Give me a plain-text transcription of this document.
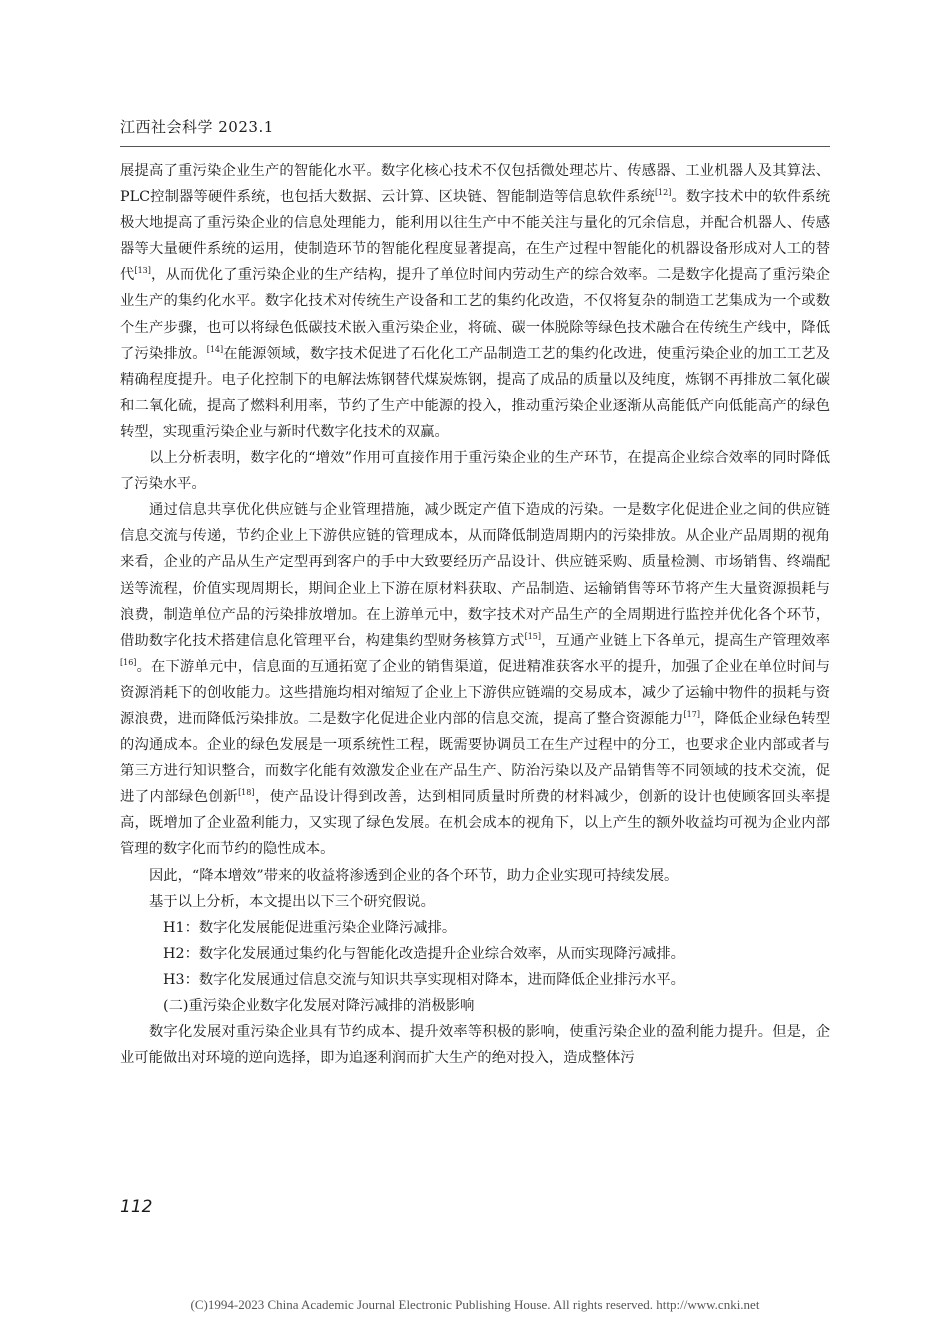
江西社会科学 2023.1

展提高了重污染企业生产的智能化水平。数字化核心技术不仅包括微处理芯片、传感器、工业机器人及其算法、PLC控制器等硬件系统，也包括大数据、云计算、区块链、智能制造等信息软件系统[12]。数字技术中的软件系统极大地提高了重污染企业的信息处理能力，能利用以往生产中不能关注与量化的冗余信息，并配合机器人、传感器等大量硬件系统的运用，使制造环节的智能化程度显著提高，在生产过程中智能化的机器设备形成对人工的替代[13]，从而优化了重污染企业的生产结构，提升了单位时间内劳动生产的综合效率。二是数字化提高了重污染企业生产的集约化水平。数字化技术对传统生产设备和工艺的集约化改造，不仅将复杂的制造工艺集成为一个或数个生产步骤，也可以将绿色低碳技术嵌入重污染企业，将硫、碳一体脱除等绿色技术融合在传统生产线中，降低了污染排放。[14]在能源领域，数字技术促进了石化化工产品制造工艺的集约化改进，使重污染企业的加工工艺及精确程度提升。电子化控制下的电解法炼钢替代煤炭炼钢，提高了成品的质量以及纯度，炼钢不再排放二氧化碳和二氧化硫，提高了燃料利用率，节约了生产中能源的投入，推动重污染企业逐渐从高能低产向低能高产的绿色转型，实现重污染企业与新时代数字化技术的双赢。

以上分析表明，数字化的“增效”作用可直接作用于重污染企业的生产环节，在提高企业综合效率的同时降低了污染水平。

通过信息共享优化供应链与企业管理措施，减少既定产值下造成的污染。一是数字化促进企业之间的供应链信息交流与传递，节约企业上下游供应链的管理成本，从而降低制造周期内的污染排放。从企业产品周期的视角来看，企业的产品从生产定型再到客户的手中大致要经历产品设计、供应链采购、质量检测、市场销售、终端配送等流程，价值实现周期长，期间企业上下游在原材料获取、产品制造、运输销售等环节将产生大量资源损耗与浪费，制造单位产品的污染排放增加。在上游单元中，数字技术对产品生产的全周期进行监控并优化各个环节，借助数字化技术搭建信息化管理平台，构建集约型财务核算方式[15]，互通产业链上下各单元，提高生产管理效率[16]。在下游单元中，信息面的互通拓宽了企业的销售渠道，促进精准获客水平的提升，加强了企业在单位时间与资源消耗下的创收能力。这些措施均相对缩短了企业上下游供应链端的交易成本，减少了运输中物件的损耗与资源浪费，进而降低污染排放。二是数字化促进企业内部的信息交流，提高了整合资源能力[17]，降低企业绿色转型的沟通成本。企业的绿色发展是一项系统性工程，既需要协调员工在生产过程中的分工，也要求企业内部或者与第三方进行知识整合，而数字化能有效激发企业在产品生产、防治污染以及产品销售等不同领域的技术交流，促进了内部绿色创新[18]，使产品设计得到改善，达到相同质量时所费的材料减少，创新的设计也使顾客回头率提高，既增加了企业盈利能力，又实现了绿色发展。在机会成本的视角下，以上产生的额外收益均可视为企业内部管理的数字化而节约的隐性成本。

因此，“降本增效”带来的收益将渗透到企业的各个环节，助力企业实现可持续发展。

基于以上分析，本文提出以下三个研究假说。

H1：数字化发展能促进重污染企业降污减排。

H2：数字化发展通过集约化与智能化改造提升企业综合效率，从而实现降污减排。

H3：数字化发展通过信息交流与知识共享实现相对降本，进而降低企业排污水平。

(二)重污染企业数字化发展对降污减排的消极影响

数字化发展对重污染企业具有节约成本、提升效率等积极的影响，使重污染企业的盈利能力提升。但是，企业可能做出对环境的逆向选择，即为追逐利润而扩大生产的绝对投入，造成整体污

112
(C)1994-2023 China Academic Journal Electronic Publishing House. All rights reserved. http://www.cnki.net
